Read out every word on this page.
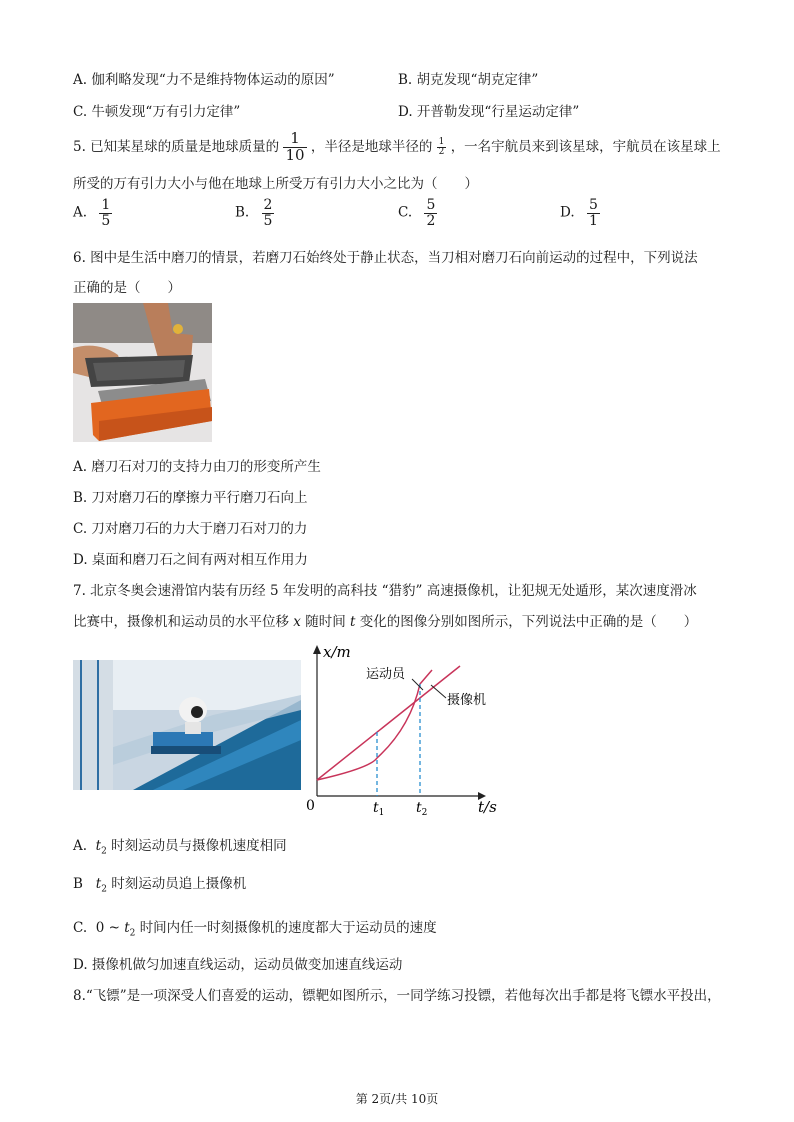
A. 伽利略发现“力不是维持物体运动的原因”	B. 胡克发现“胡克定律”
C. 牛顿发现“万有引力定律”	D. 开普勒发现“行星运动定律”
5. 已知某星球的质量是地球质量的 $\frac{1}{10}$ ，半径是地球半径的 $\frac{1}{2}$ ，一名宇航员来到该星球，宇航员在该星球上
所受的万有引力大小与他在地球上所受万有引力大小之比为（　　）
A. $\frac{1}{5}$	B. $\frac{2}{5}$	C. $\frac{5}{2}$	D. $\frac{5}{1}$
6. 图中是生活中磨刀的情景，若磨刀石始终处于静止状态，当刀相对磨刀石向前运动的过程中，下列说法
正确的是（　　）
A. 磨刀石对刀的支持力由刀的形变所产生
B. 刀对磨刀石的摩擦力平行磨刀石向上
C. 刀对磨刀石的力大于磨刀石对刀的力
D. 桌面和磨刀石之间有两对相互作用力
7. 北京冬奥会速滑馆内装有历经 5 年发明的高科技 “猎豹” 高速摄像机，让犯规无处遁形，某次速度滑冰
比赛中，摄像机和运动员的水平位移 x 随时间 t 变化的图像分别如图所示，下列说法中正确的是（　　）
x/m
t/s
0	$t_1$ $t_2$
运动员
摄像机
A. $t_2$ 时刻运动员与摄像机速度相同
B $t_2$ 时刻运动员追上摄像机
C. 0 ~ $t_2$ 时间内任一时刻摄像机的速度都大于运动员的速度
D. 摄像机做匀加速直线运动，运动员做变加速直线运动
8.“飞镖”是一项深受人们喜爱的运动，镖靶如图所示，一同学练习投镖，若他每次出手都是将飞镖水平投出，
第 2页/共 10页
